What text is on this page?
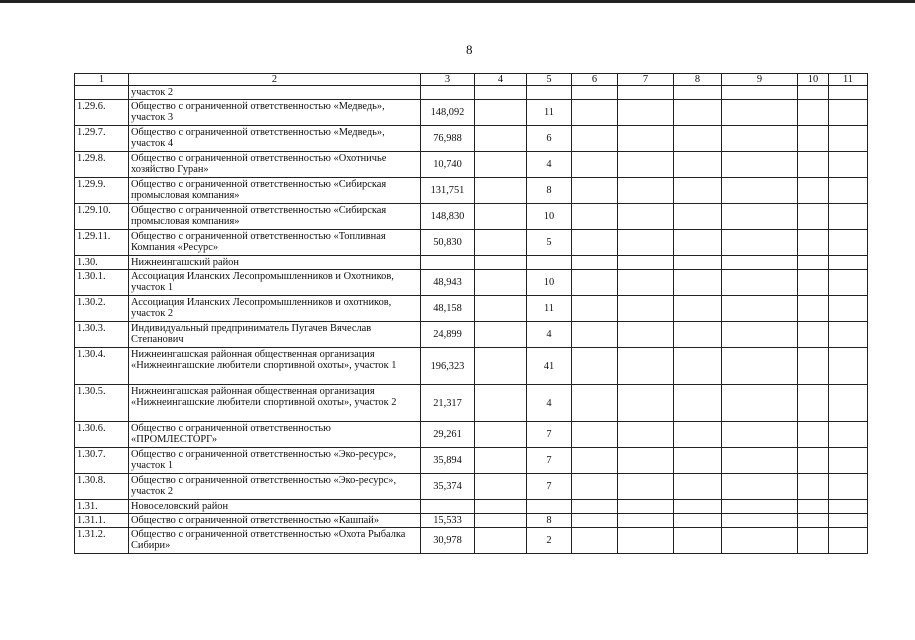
8
1	2	3	4	5	6	7	8	9	10	11
	участок 2									
1.29.6.	Общество с ограниченной ответственностью «Медведь», участок 3	148,092		11						
1.29.7.	Общество с ограниченной ответственностью «Медведь», участок 4	76,988		6						
1.29.8.	Общество с ограниченной ответственностью «Охотничье хозяйство Гуран»	10,740		4						
1.29.9.	Общество с ограниченной ответственностью «Сибирская промысловая компания»	131,751		8						
1.29.10.	Общество с ограниченной ответственностью «Сибирская промысловая компания»	148,830		10						
1.29.11.	Общество с ограниченной ответственностью «Топливная Компания «Ресурс»	50,830		5						
1.30.	Нижнеингашский район									
1.30.1.	Ассоциация Иланских Лесопромышленников и Охотников, участок 1	48,943		10						
1.30.2.	Ассоциация Иланских Лесопромышленников и охотников, участок 2	48,158		11						
1.30.3.	Индивидуальный предприниматель Пугачев Вячеслав Степанович	24,899		4						
1.30.4.	Нижнеингашская районная общественная организация «Нижнеингашские любители спортивной охоты», участок 1	196,323		41						
1.30.5.	Нижнеингашская районная общественная организация «Нижнеингашские любители спортивной охоты», участок 2	21,317		4						
1.30.6.	Общество с ограниченной ответственностью «ПРОМЛЕСТОРГ»	29,261		7						
1.30.7.	Общество с ограниченной ответственностью «Эко-ресурс», участок 1	35,894		7						
1.30.8.	Общество с ограниченной ответственностью «Эко-ресурс», участок 2	35,374		7						
1.31.	Новоселовский район									
1.31.1.	Общество с ограниченной ответственностью «Кашпай»	15,533		8						
1.31.2.	Общество с ограниченной ответственностью «Охота Рыбалка Сибири»	30,978		2						
